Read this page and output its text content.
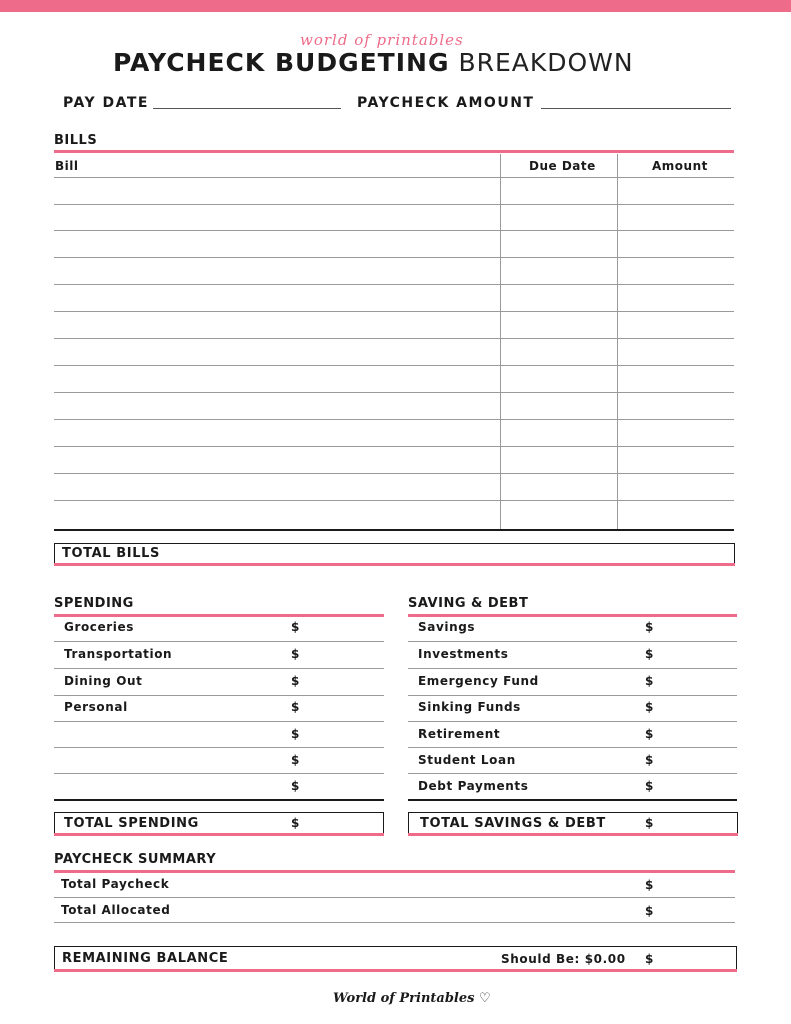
world of printables
PAYCHECK BUDGETING BREAKDOWN
PAY DATE	PAYCHECK AMOUNT
BILLS
Bill	Due Date	Amount
TOTAL BILLS
SPENDING
Groceries	$
Transportation	$
Dining Out	$
Personal	$
$
$
$
TOTAL SPENDING	$
SAVING & DEBT
Savings	$
Investments	$
Emergency Fund	$
Sinking Funds	$
Retirement	$
Student Loan	$
Debt Payments	$
TOTAL SAVINGS & DEBT	$
PAYCHECK SUMMARY
Total Paycheck	$
Total Allocated	$
REMAINING BALANCE	Should Be: $0.00 $
World of Printables ♡
